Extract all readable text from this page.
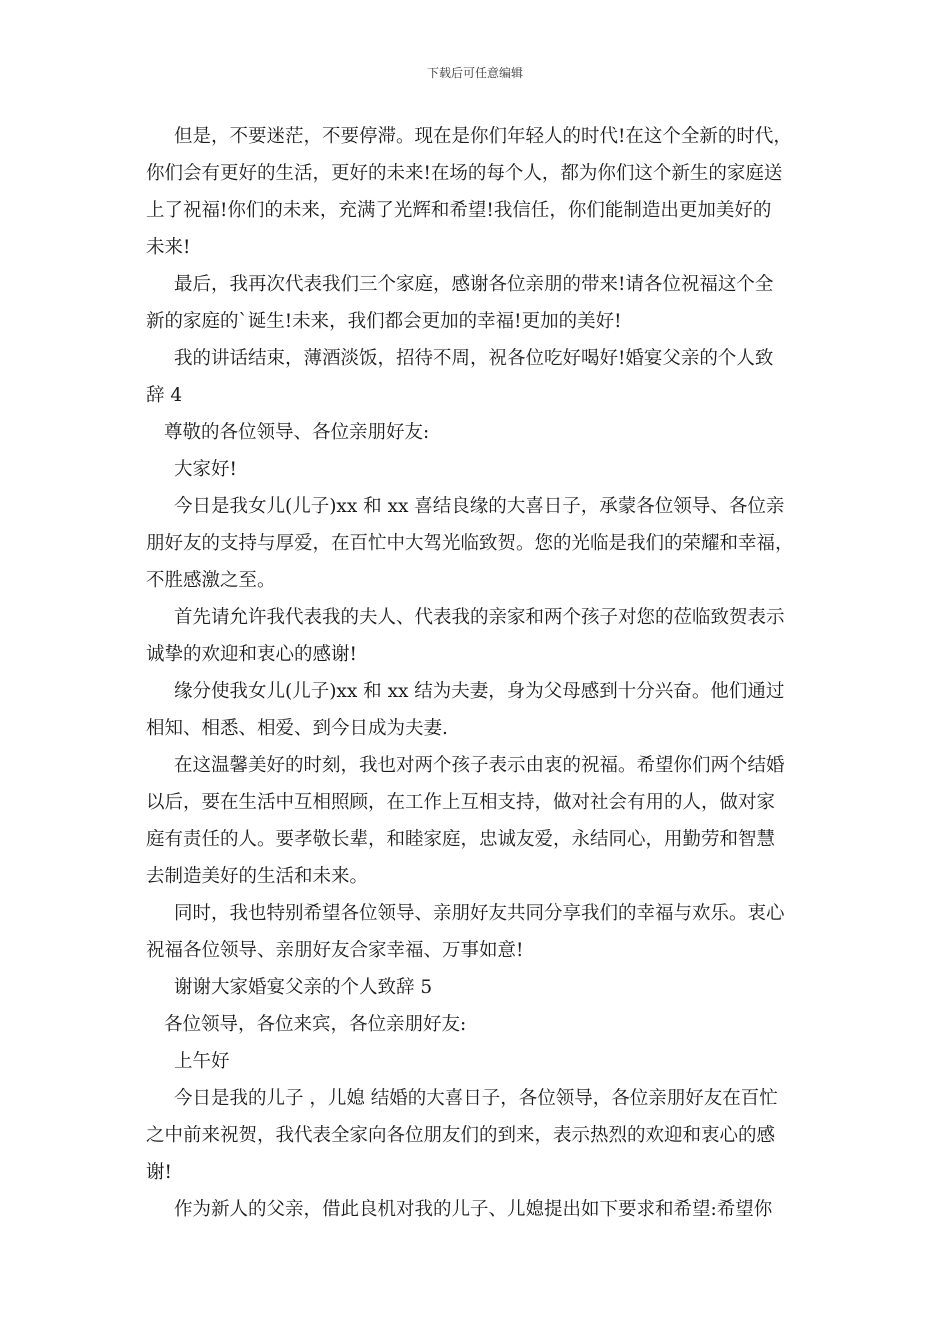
下载后可任意编辑

但是，不要迷茫，不要停滞。现在是你们年轻人的时代!在这个全新的时代，

你们会有更好的生活，更好的未来!在场的每个人，都为你们这个新生的家庭送

上了祝福!你们的未来，充满了光辉和希望!我信任，你们能制造出更加美好的

未来!

最后，我再次代表我们三个家庭，感谢各位亲朋的带来!请各位祝福这个全

新的家庭的`诞生!未来，我们都会更加的幸福!更加的美好!

我的讲话结束，薄酒淡饭，招待不周，祝各位吃好喝好!婚宴父亲的个人致

辞 4

尊敬的各位领导、各位亲朋好友:

大家好!

今日是我女儿(儿子)xx 和 xx 喜结良缘的大喜日子，承蒙各位领导、各位亲

朋好友的支持与厚爱，在百忙中大驾光临致贺。您的光临是我们的荣耀和幸福，

不胜感激之至。

首先请允许我代表我的夫人、代表我的亲家和两个孩子对您的莅临致贺表示

诚挚的欢迎和衷心的感谢!

缘分使我女儿(儿子)xx 和 xx 结为夫妻，身为父母感到十分兴奋。他们通过

相知、相悉、相爱、到今日成为夫妻.

在这温馨美好的时刻，我也对两个孩子表示由衷的祝福。希望你们两个结婚

以后，要在生活中互相照顾，在工作上互相支持，做对社会有用的人，做对家

庭有责任的人。要孝敬长辈，和睦家庭，忠诚友爱，永结同心，用勤劳和智慧

去制造美好的生活和未来。

同时，我也特别希望各位领导、亲朋好友共同分享我们的幸福与欢乐。衷心

祝福各位领导、亲朋好友合家幸福、万事如意!

谢谢大家婚宴父亲的个人致辞 5

各位领导，各位来宾，各位亲朋好友:

上午好

今日是我的儿子 ，儿媳 结婚的大喜日子，各位领导，各位亲朋好友在百忙

之中前来祝贺，我代表全家向各位朋友们的到来，表示热烈的欢迎和衷心的感

谢!

作为新人的父亲，借此良机对我的儿子、儿媳提出如下要求和希望:希望你
